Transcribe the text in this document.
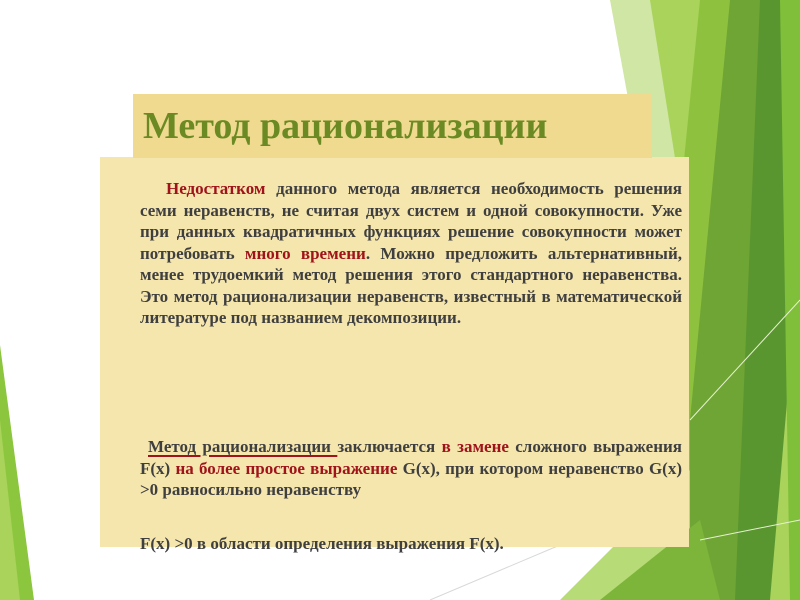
Метод рационализации

Недостатком данного метода является необходимость решения семи неравенств, не считая двух систем и одной совокупности. Уже при данных квадратичных функциях решение совокупности может потребовать много времени. Можно предложить альтернативный, менее трудоемкий метод решения этого стандартного неравенства. Это метод рационализации неравенств, известный в математической литературе под названием декомпозиции.

Метод рационализации заключается в замене сложного выражения F(x) на более простое выражение G(x), при котором неравенство G(x) >0 равносильно неравенству

F(x) >0 в области определения выражения F(x).
